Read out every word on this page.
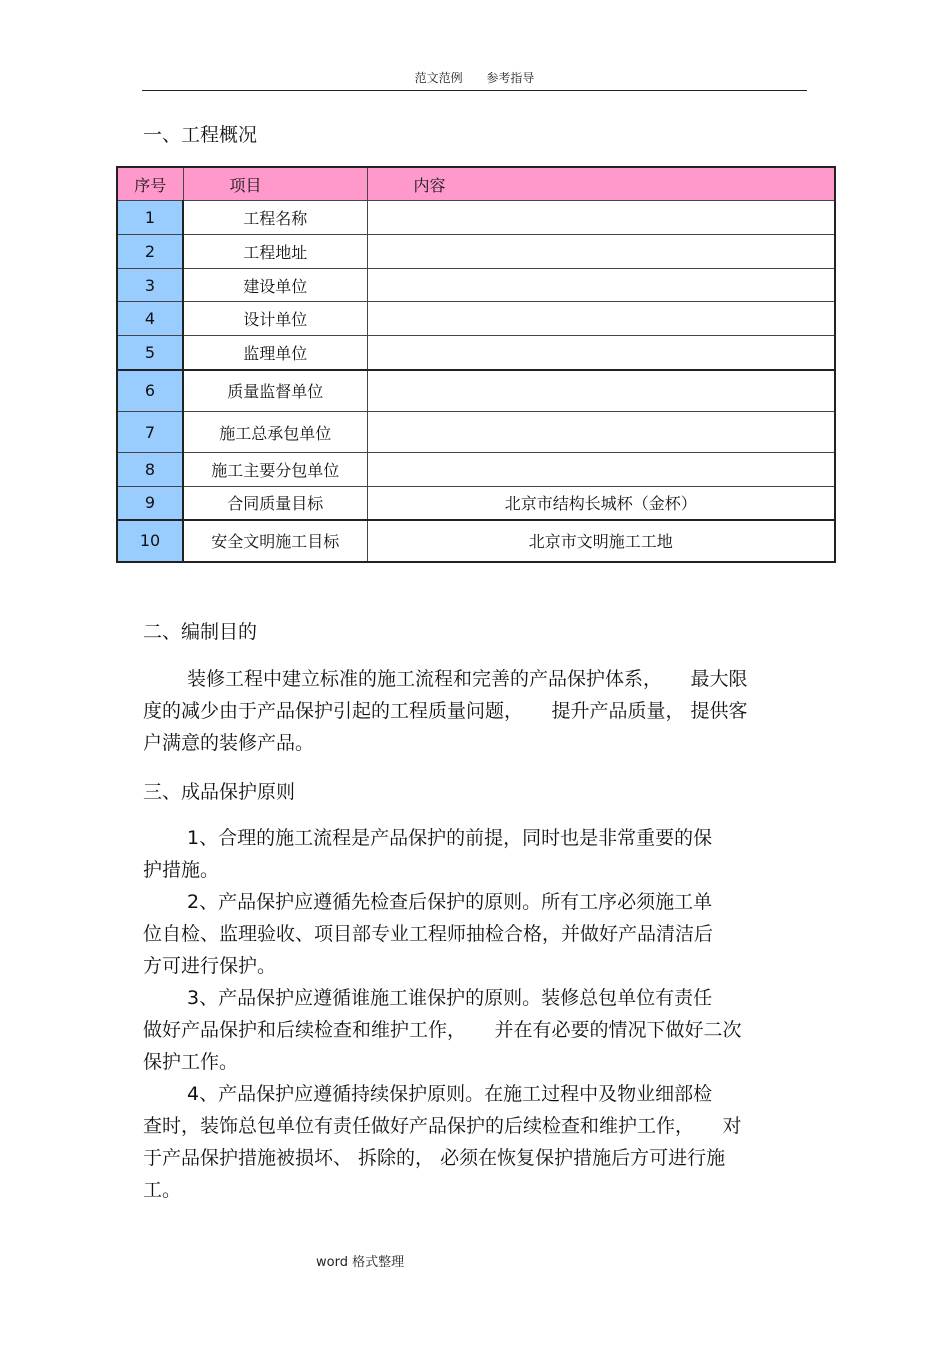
范文范例 参考指导
一、工程概况
序号	项目	内容
1	工程名称	
2	工程地址	
3	建设单位	
4	设计单位	
5	监理单位	
6	质量监督单位	
7	施工总承包单位	
8	施工主要分包单位	
9	合同质量目标	北京市结构长城杯（金杯）
10	安全文明施工目标	北京市文明施工工地
二、编制目的

装修工程中建立标准的施工流程和完善的产品保护体系，　　最大限
度的减少由于产品保护引起的工程质量问题，　　提升产品质量， 提供客
户满意的装修产品。

三、成品保护原则

1、合理的施工流程是产品保护的前提，同时也是非常重要的保
护措施。

2、产品保护应遵循先检查后保护的原则。所有工序必须施工单
位自检、监理验收、项目部专业工程师抽检合格，并做好产品清洁后
方可进行保护。

3、产品保护应遵循谁施工谁保护的原则。装修总包单位有责任
做好产品保护和后续检查和维护工作，　　并在有必要的情况下做好二次
保护工作。

4、产品保护应遵循持续保护原则。在施工过程中及物业细部检
查时，装饰总包单位有责任做好产品保护的后续检查和维护工作，　　对
于产品保护措施被损坏、 拆除的， 必须在恢复保护措施后方可进行施
工。

word 格式整理
